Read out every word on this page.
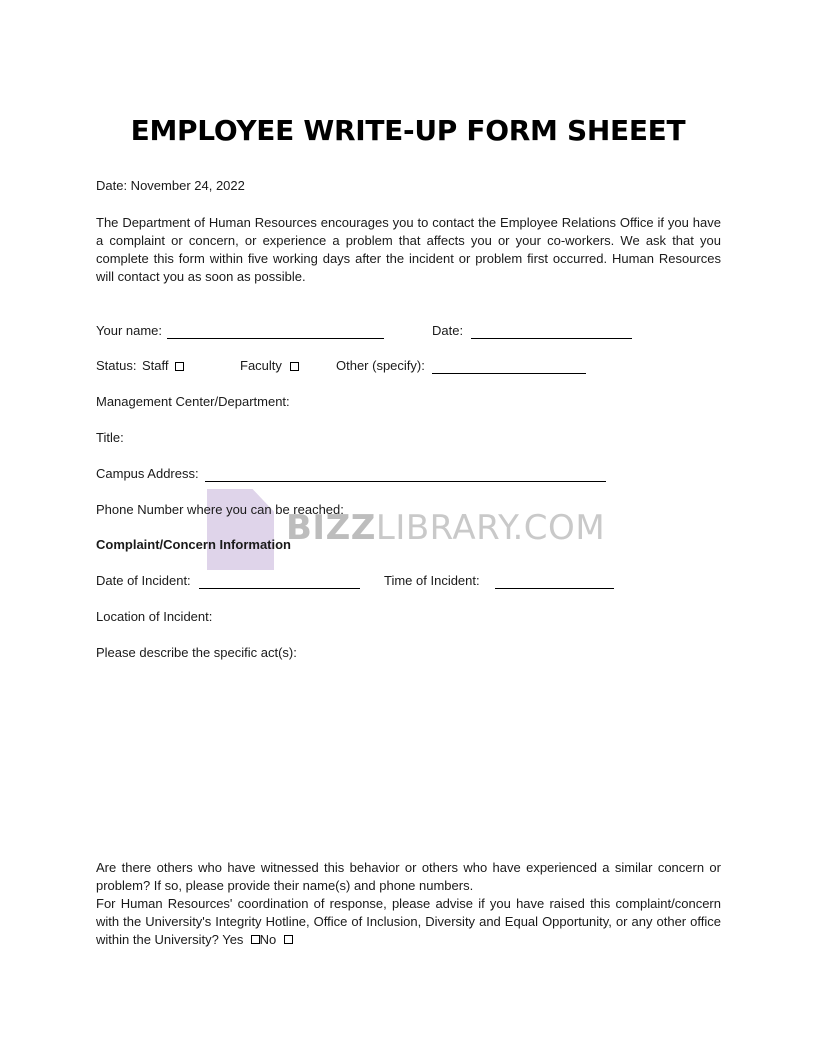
EMPLOYEE WRITE-UP FORM SHEEET
Date: November 24, 2022
The Department of Human Resources encourages you to contact the Employee Relations Office if you have a complaint or concern, or experience a problem that affects you or your co-workers. We ask that you complete this form within five working days after the incident or problem first occurred. Human Resources will contact you as soon as possible.
Your name:	Date:
Status: Staff	Faculty	Other (specify):
Management Center/Department:
Title:
Campus Address:
BIZZLIBRARY.COM
Phone Number where you can be reached:
Complaint/Concern Information
Date of Incident:	Time of Incident:
Location of Incident:
Please describe the specific act(s):
Are there others who have witnessed this behavior or others who have experienced a similar concern or problem? If so, please provide their name(s) and phone numbers.
For Human Resources' coordination of response, please advise if you have raised this complaint/concern with the University's Integrity Hotline, Office of Inclusion, Diversity and Equal Opportunity, or any other office within the University? Yes No
